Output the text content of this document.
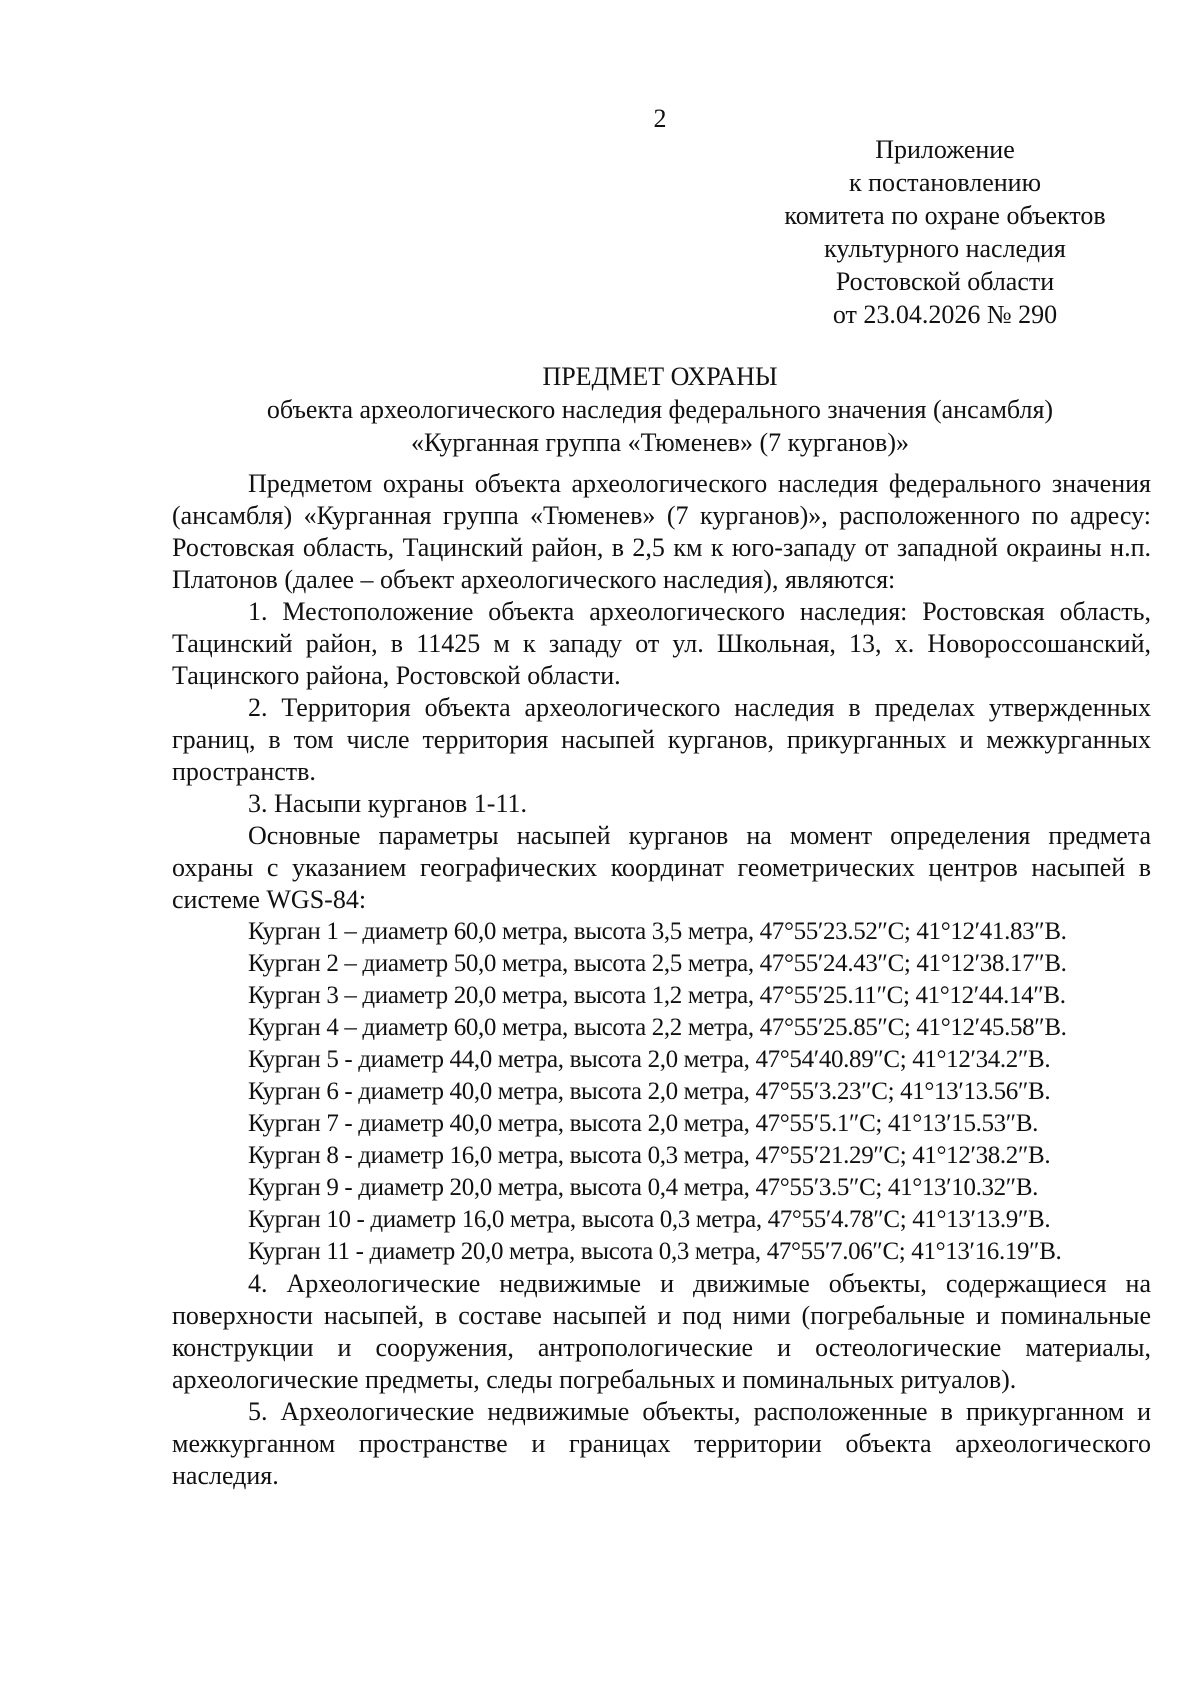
2
Приложение
к постановлению
комитета по охране объектов
культурного наследия
Ростовской области
от 23.04.2026 № 290
ПРЕДМЕТ ОХРАНЫ
объекта археологического наследия федерального значения (ансамбля)
«Курганная группа «Тюменев» (7 курганов)»

Предметом охраны объекта археологического наследия федерального значения (ансамбля) «Курганная группа «Тюменев» (7 курганов)», расположенного по адресу: Ростовская область, Тацинский район, в 2,5 км к юго-западу от западной окраины н.п. Платонов (далее – объект археологического наследия), являются:

1. Местоположение объекта археологического наследия: Ростовская область, Тацинский район, в 11425 м к западу от ул. Школьная, 13, х. Новороссошанский, Тацинского района, Ростовской области.

2. Территория объекта археологического наследия в пределах утвержденных границ, в том числе территория насыпей курганов, прикурганных и межкурганных пространств.

3. Насыпи курганов 1-11.

Основные параметры насыпей курганов на момент определения предмета охраны с указанием географических координат геометрических центров насыпей в системе WGS-84:

Курган 1 – диаметр 60,0 метра, высота 3,5 метра, 47°55′23.52″С; 41°12′41.83″В.
Курган 2 – диаметр 50,0 метра, высота 2,5 метра, 47°55′24.43″С; 41°12′38.17″В.
Курган 3 – диаметр 20,0 метра, высота 1,2 метра, 47°55′25.11″С; 41°12′44.14″В.
Курган 4 – диаметр 60,0 метра, высота 2,2 метра, 47°55′25.85″С; 41°12′45.58″В.
Курган 5 - диаметр 44,0 метра, высота 2,0 метра, 47°54′40.89″С; 41°12′34.2″В.
Курган 6 - диаметр 40,0 метра, высота 2,0 метра, 47°55′3.23″С; 41°13′13.56″В.
Курган 7 - диаметр 40,0 метра, высота 2,0 метра, 47°55′5.1″С; 41°13′15.53″В.
Курган 8 - диаметр 16,0 метра, высота 0,3 метра, 47°55′21.29″С; 41°12′38.2″В.
Курган 9 - диаметр 20,0 метра, высота 0,4 метра, 47°55′3.5″С; 41°13′10.32″В.
Курган 10 - диаметр 16,0 метра, высота 0,3 метра, 47°55′4.78″С; 41°13′13.9″В.
Курган 11 - диаметр 20,0 метра, высота 0,3 метра, 47°55′7.06″С; 41°13′16.19″В.

4. Археологические недвижимые и движимые объекты, содержащиеся на поверхности насыпей, в составе насыпей и под ними (погребальные и поминальные конструкции и сооружения, антропологические и остеологические материалы, археологические предметы, следы погребальных и поминальных ритуалов).

5. Археологические недвижимые объекты, расположенные в прикурганном и межкурганном пространстве и границах территории объекта археологического наследия.
